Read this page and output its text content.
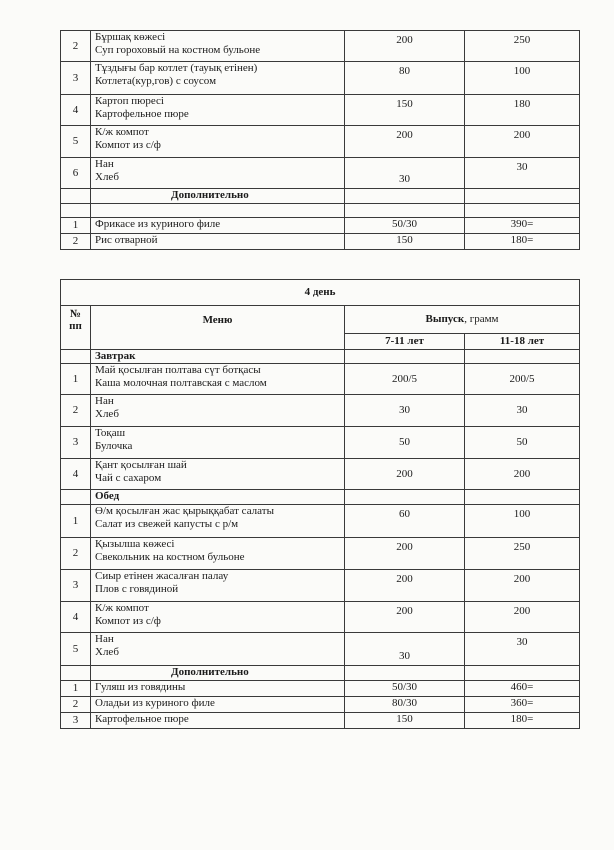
2	Бұршақ көжесі
Суп гороховый на костном бульоне	200	250
3	Тұздығы бар котлет (тауық етінен)
Котлета(кур,гов) с соусом	80	100
4	Картоп пюресі
Картофельное пюре	150	180
5	К/ж компот
Компот из с/ф	200	200
6	Нан
Хлеб	30	30
	Дополнительно		

1	Фрикасе из куриного филе	50/30	390=
2	Рис отварной	150	180=
4 день			
№ пп	Меню	Выпуск, грамм	
		7-11 лет	11-18 лет
	Завтрак		
1	Май қосылған полтава сүт ботқасы
Каша молочная полтавская с маслом	200/5	200/5
2	Нан
Хлеб	30	30
3	Тоқаш
Булочка	50	50
4	Қант қосылған шай
Чай с сахаром	200	200
	Обед		
1	Ө/м қосылған жас қырыққабат салаты
Салат из свежей капусты с р/м	60	100
2	Қызылша көжесі
Свекольник на костном бульоне	200	250
3	Сиыр етінен жасалған палау
Плов с говядиной	200	200
4	К/ж компот
Компот из с/ф	200	200
5	Нан
Хлеб	30	30
	Дополнительно		
1	Гуляш из говядины	50/30	460=
2	Оладьи из куриного филе	80/30	360=
3	Картофельное пюре	150	180=
